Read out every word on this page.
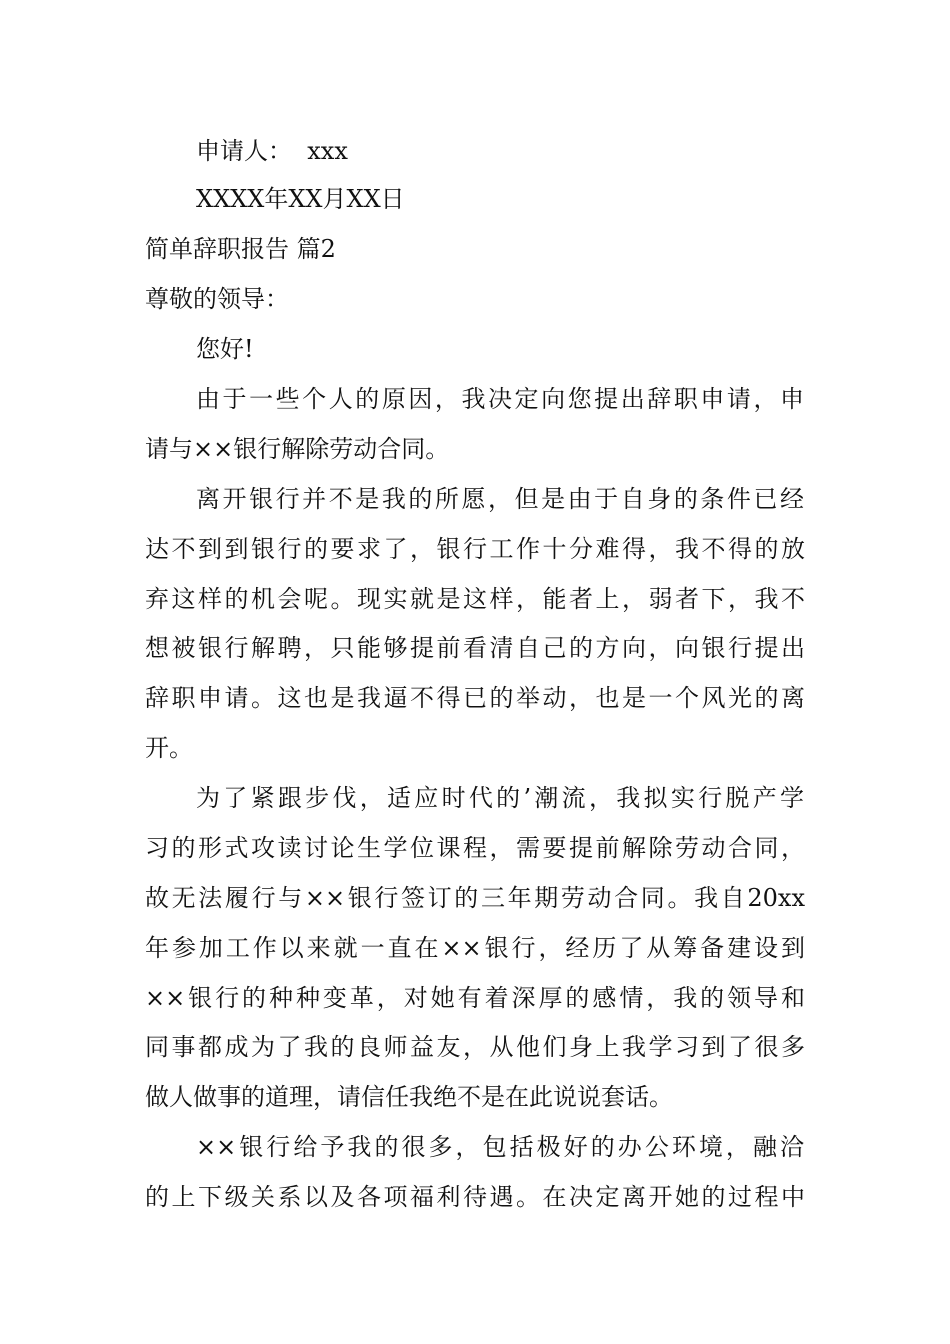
申请人：  xxx
XXXX年XX月XX日
简单辞职报告 篇2
尊敬的领导：
您好!
由于一些个人的原因，我决定向您提出辞职申请，申
请与××银行解除劳动合同。
离开银行并不是我的所愿，但是由于自身的条件已经
达不到到银行的要求了，银行工作十分难得，我不得的放
弃这样的机会呢。现实就是这样，能者上，弱者下，我不
想被银行解聘，只能够提前看清自己的方向，向银行提出
辞职申请。这也是我逼不得已的举动，也是一个风光的离
开。
为了紧跟步伐，适应时代的’潮流，我拟实行脱产学
习的形式攻读讨论生学位课程，需要提前解除劳动合同，
故无法履行与××银行签订的三年期劳动合同。我自20xx
年参加工作以来就一直在××银行，经历了从筹备建设到
××银行的种种变革，对她有着深厚的感情，我的领导和
同事都成为了我的良师益友，从他们身上我学习到了很多
做人做事的道理，请信任我绝不是在此说说套话。
××银行给予我的很多，包括极好的办公环境，融洽
的上下级关系以及各项福利待遇。在决定离开她的过程中
